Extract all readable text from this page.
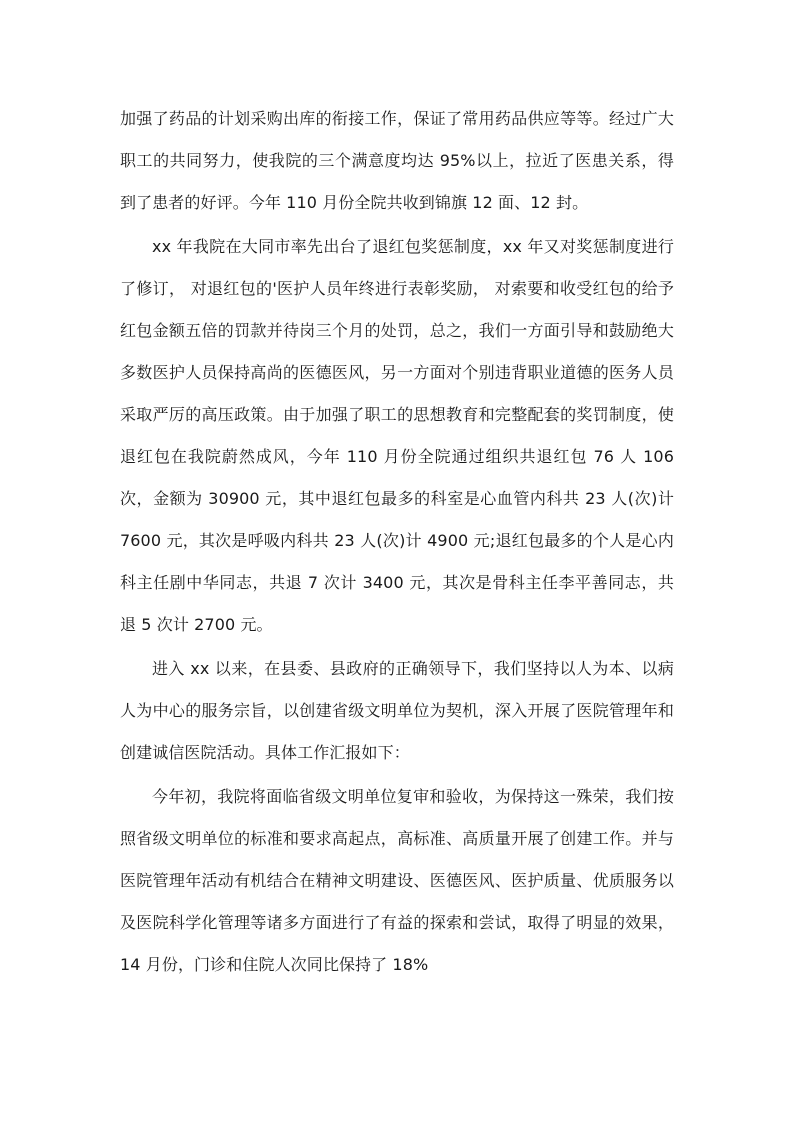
加强了药品的计划采购出库的衔接工作，保证了常用药品供应等等。经过广大职工的共同努力，使我院的三个满意度均达 95%以上，拉近了医患关系，得到了患者的好评。今年 110 月份全院共收到锦旗 12 面、12 封。

xx 年我院在大同市率先出台了退红包奖惩制度，xx 年又对奖惩制度进行了修订， 对退红包的'医护人员年终进行表彰奖励， 对索要和收受红包的给予红包金额五倍的罚款并待岗三个月的处罚，总之，我们一方面引导和鼓励绝大多数医护人员保持高尚的医德医风，另一方面对个别违背职业道德的医务人员采取严厉的高压政策。由于加强了职工的思想教育和完整配套的奖罚制度，使退红包在我院蔚然成风，今年 110 月份全院通过组织共退红包 76 人 106 次，金额为 30900 元，其中退红包最多的科室是心血管内科共 23 人(次)计 7600 元，其次是呼吸内科共 23 人(次)计 4900 元;退红包最多的个人是心内科主任剧中华同志，共退 7 次计 3400 元，其次是骨科主任李平善同志，共退 5 次计 2700 元。

进入 xx 以来，在县委、县政府的正确领导下，我们坚持以人为本、以病人为中心的服务宗旨，以创建省级文明单位为契机，深入开展了医院管理年和创建诚信医院活动。具体工作汇报如下：

今年初，我院将面临省级文明单位复审和验收，为保持这一殊荣，我们按照省级文明单位的标准和要求高起点，高标准、高质量开展了创建工作。并与医院管理年活动有机结合在精神文明建设、医德医风、医护质量、优质服务以及医院科学化管理等诸多方面进行了有益的探索和尝试，取得了明显的效果，14 月份，门诊和住院人次同比保持了 18%
